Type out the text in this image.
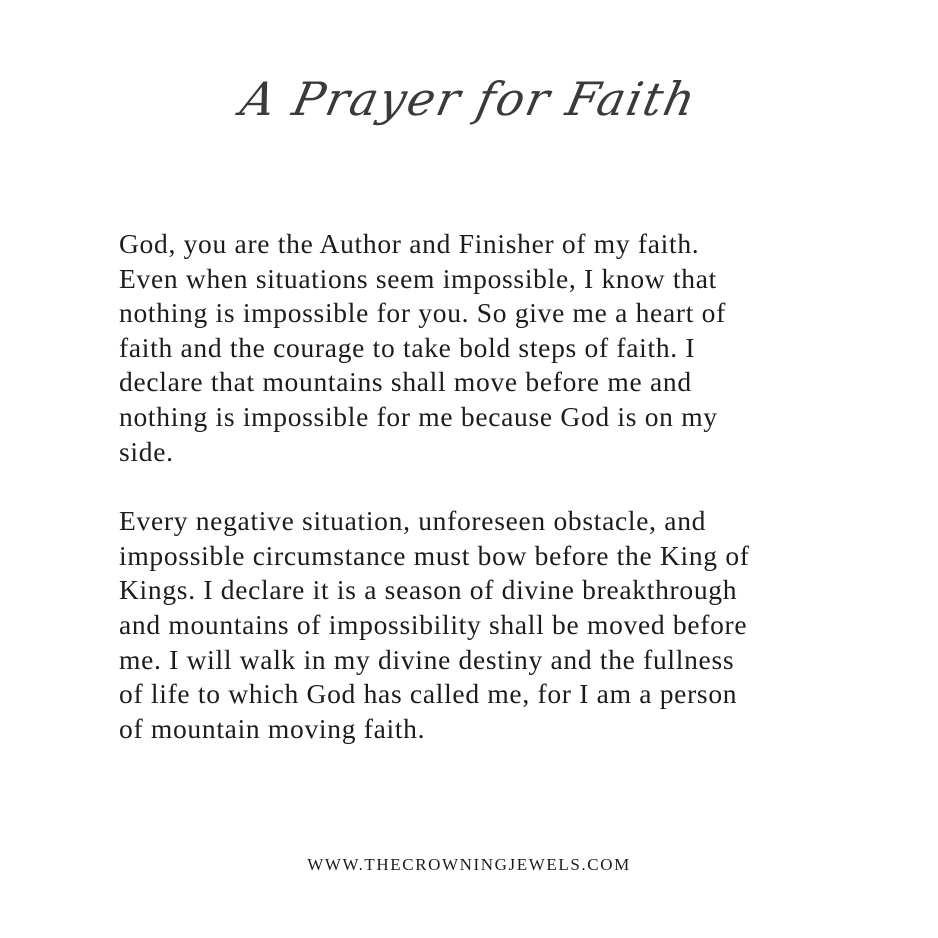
A Prayer for Faith

God, you are the Author and Finisher of my faith.
Even when situations seem impossible, I know that
nothing is impossible for you. So give me a heart of
faith and the courage to take bold steps of faith. I
declare that mountains shall move before me and
nothing is impossible for me because God is on my
side.

Every negative situation, unforeseen obstacle, and
impossible circumstance must bow before the King of
Kings. I declare it is a season of divine breakthrough
and mountains of impossibility shall be moved before
me. I will walk in my divine destiny and the fullness
of life to which God has called me, for I am a person
of mountain moving faith.

WWW.THECROWNINGJEWELS.COM
